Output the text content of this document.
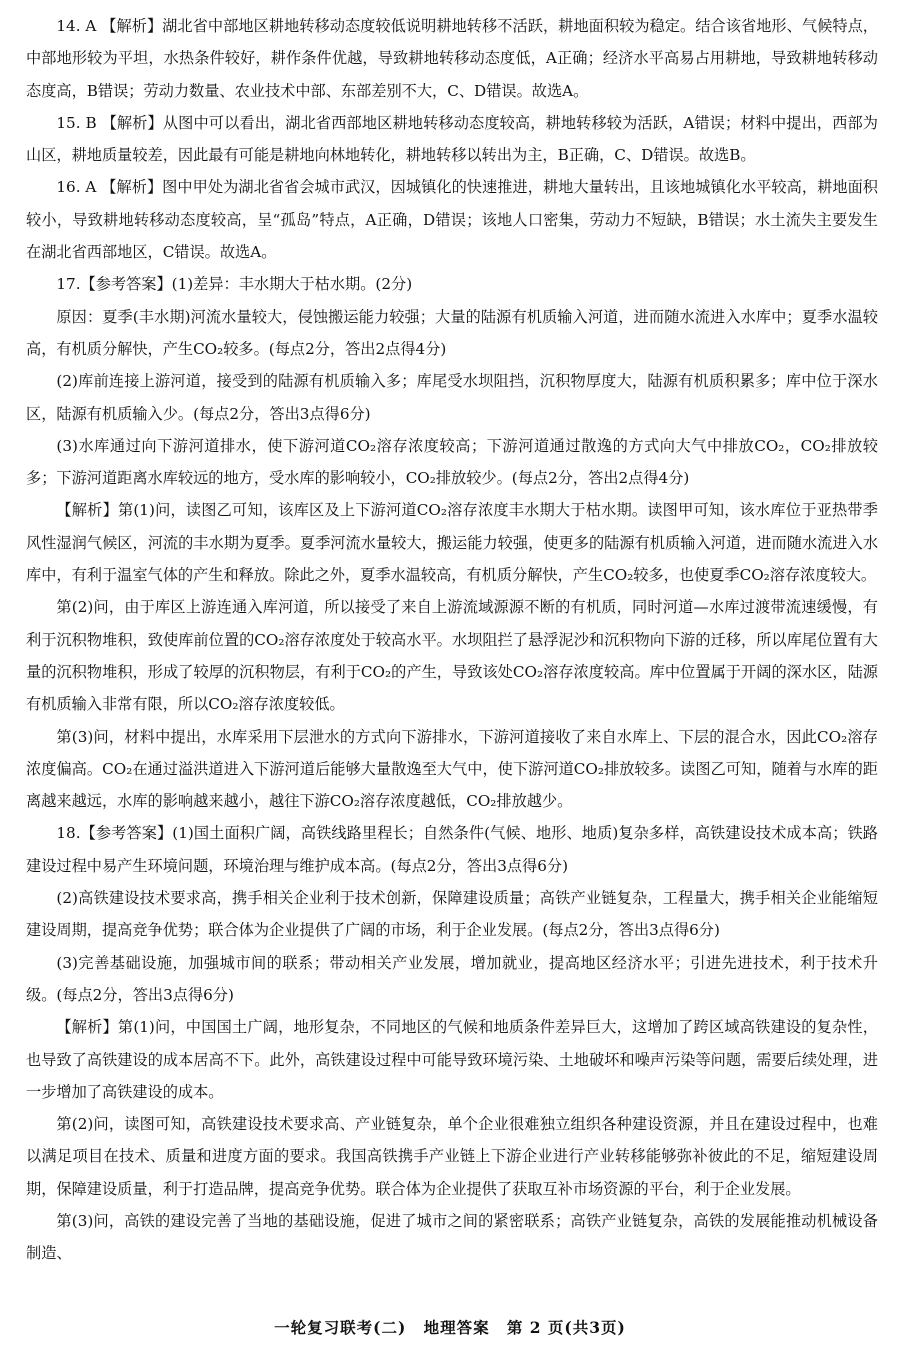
14. A 【解析】湖北省中部地区耕地转移动态度较低说明耕地转移不活跃，耕地面积较为稳定。结合该省地形、气候特点，中部地形较为平坦，水热条件较好，耕作条件优越，导致耕地转移动态度低，A正确；经济水平高易占用耕地，导致耕地转移动态度高，B错误；劳动力数量、农业技术中部、东部差别不大，C、D错误。故选A。

15. B 【解析】从图中可以看出，湖北省西部地区耕地转移动态度较高，耕地转移较为活跃，A错误；材料中提出，西部为山区，耕地质量较差，因此最有可能是耕地向林地转化，耕地转移以转出为主，B正确，C、D错误。故选B。

16. A 【解析】图中甲处为湖北省省会城市武汉，因城镇化的快速推进，耕地大量转出，且该地城镇化水平较高，耕地面积较小，导致耕地转移动态度较高，呈“孤岛”特点，A正确，D错误；该地人口密集，劳动力不短缺，B错误；水土流失主要发生在湖北省西部地区，C错误。故选A。

17.【参考答案】(1)差异：丰水期大于枯水期。(2分)

原因：夏季(丰水期)河流水量较大，侵蚀搬运能力较强；大量的陆源有机质输入河道，进而随水流进入水库中；夏季水温较高，有机质分解快，产生CO₂较多。(每点2分，答出2点得4分)

(2)库前连接上游河道，接受到的陆源有机质输入多；库尾受水坝阻挡，沉积物厚度大，陆源有机质积累多；库中位于深水区，陆源有机质输入少。(每点2分，答出3点得6分)

(3)水库通过向下游河道排水，使下游河道CO₂溶存浓度较高；下游河道通过散逸的方式向大气中排放CO₂，CO₂排放较多；下游河道距离水库较远的地方，受水库的影响较小，CO₂排放较少。(每点2分，答出2点得4分)

【解析】第(1)问，读图乙可知，该库区及上下游河道CO₂溶存浓度丰水期大于枯水期。读图甲可知，该水库位于亚热带季风性湿润气候区，河流的丰水期为夏季。夏季河流水量较大，搬运能力较强，使更多的陆源有机质输入河道，进而随水流进入水库中，有利于温室气体的产生和释放。除此之外，夏季水温较高，有机质分解快，产生CO₂较多，也使夏季CO₂溶存浓度较大。

第(2)问，由于库区上游连通入库河道，所以接受了来自上游流域源源不断的有机质，同时河道—水库过渡带流速缓慢，有利于沉积物堆积，致使库前位置的CO₂溶存浓度处于较高水平。水坝阻拦了悬浮泥沙和沉积物向下游的迁移，所以库尾位置有大量的沉积物堆积，形成了较厚的沉积物层，有利于CO₂的产生，导致该处CO₂溶存浓度较高。库中位置属于开阔的深水区，陆源有机质输入非常有限，所以CO₂溶存浓度较低。

第(3)问，材料中提出，水库采用下层泄水的方式向下游排水，下游河道接收了来自水库上、下层的混合水，因此CO₂溶存浓度偏高。CO₂在通过溢洪道进入下游河道后能够大量散逸至大气中，使下游河道CO₂排放较多。读图乙可知，随着与水库的距离越来越远，水库的影响越来越小，越往下游CO₂溶存浓度越低，CO₂排放越少。

18.【参考答案】(1)国土面积广阔，高铁线路里程长；自然条件(气候、地形、地质)复杂多样，高铁建设技术成本高；铁路建设过程中易产生环境问题，环境治理与维护成本高。(每点2分，答出3点得6分)

(2)高铁建设技术要求高，携手相关企业利于技术创新，保障建设质量；高铁产业链复杂，工程量大，携手相关企业能缩短建设周期，提高竞争优势；联合体为企业提供了广阔的市场，利于企业发展。(每点2分，答出3点得6分)

(3)完善基础设施，加强城市间的联系；带动相关产业发展，增加就业，提高地区经济水平；引进先进技术，利于技术升级。(每点2分，答出3点得6分)

【解析】第(1)问，中国国土广阔，地形复杂，不同地区的气候和地质条件差异巨大，这增加了跨区域高铁建设的复杂性，也导致了高铁建设的成本居高不下。此外，高铁建设过程中可能导致环境污染、土地破坏和噪声污染等问题，需要后续处理，进一步增加了高铁建设的成本。

第(2)问，读图可知，高铁建设技术要求高、产业链复杂，单个企业很难独立组织各种建设资源，并且在建设过程中，也难以满足项目在技术、质量和进度方面的要求。我国高铁携手产业链上下游企业进行产业转移能够弥补彼此的不足，缩短建设周期，保障建设质量，利于打造品牌，提高竞争优势。联合体为企业提供了获取互补市场资源的平台，利于企业发展。

第(3)问，高铁的建设完善了当地的基础设施，促进了城市之间的紧密联系；高铁产业链复杂，高铁的发展能推动机械设备制造、

一轮复习联考(二) 地理答案 第 2 页(共3页)
